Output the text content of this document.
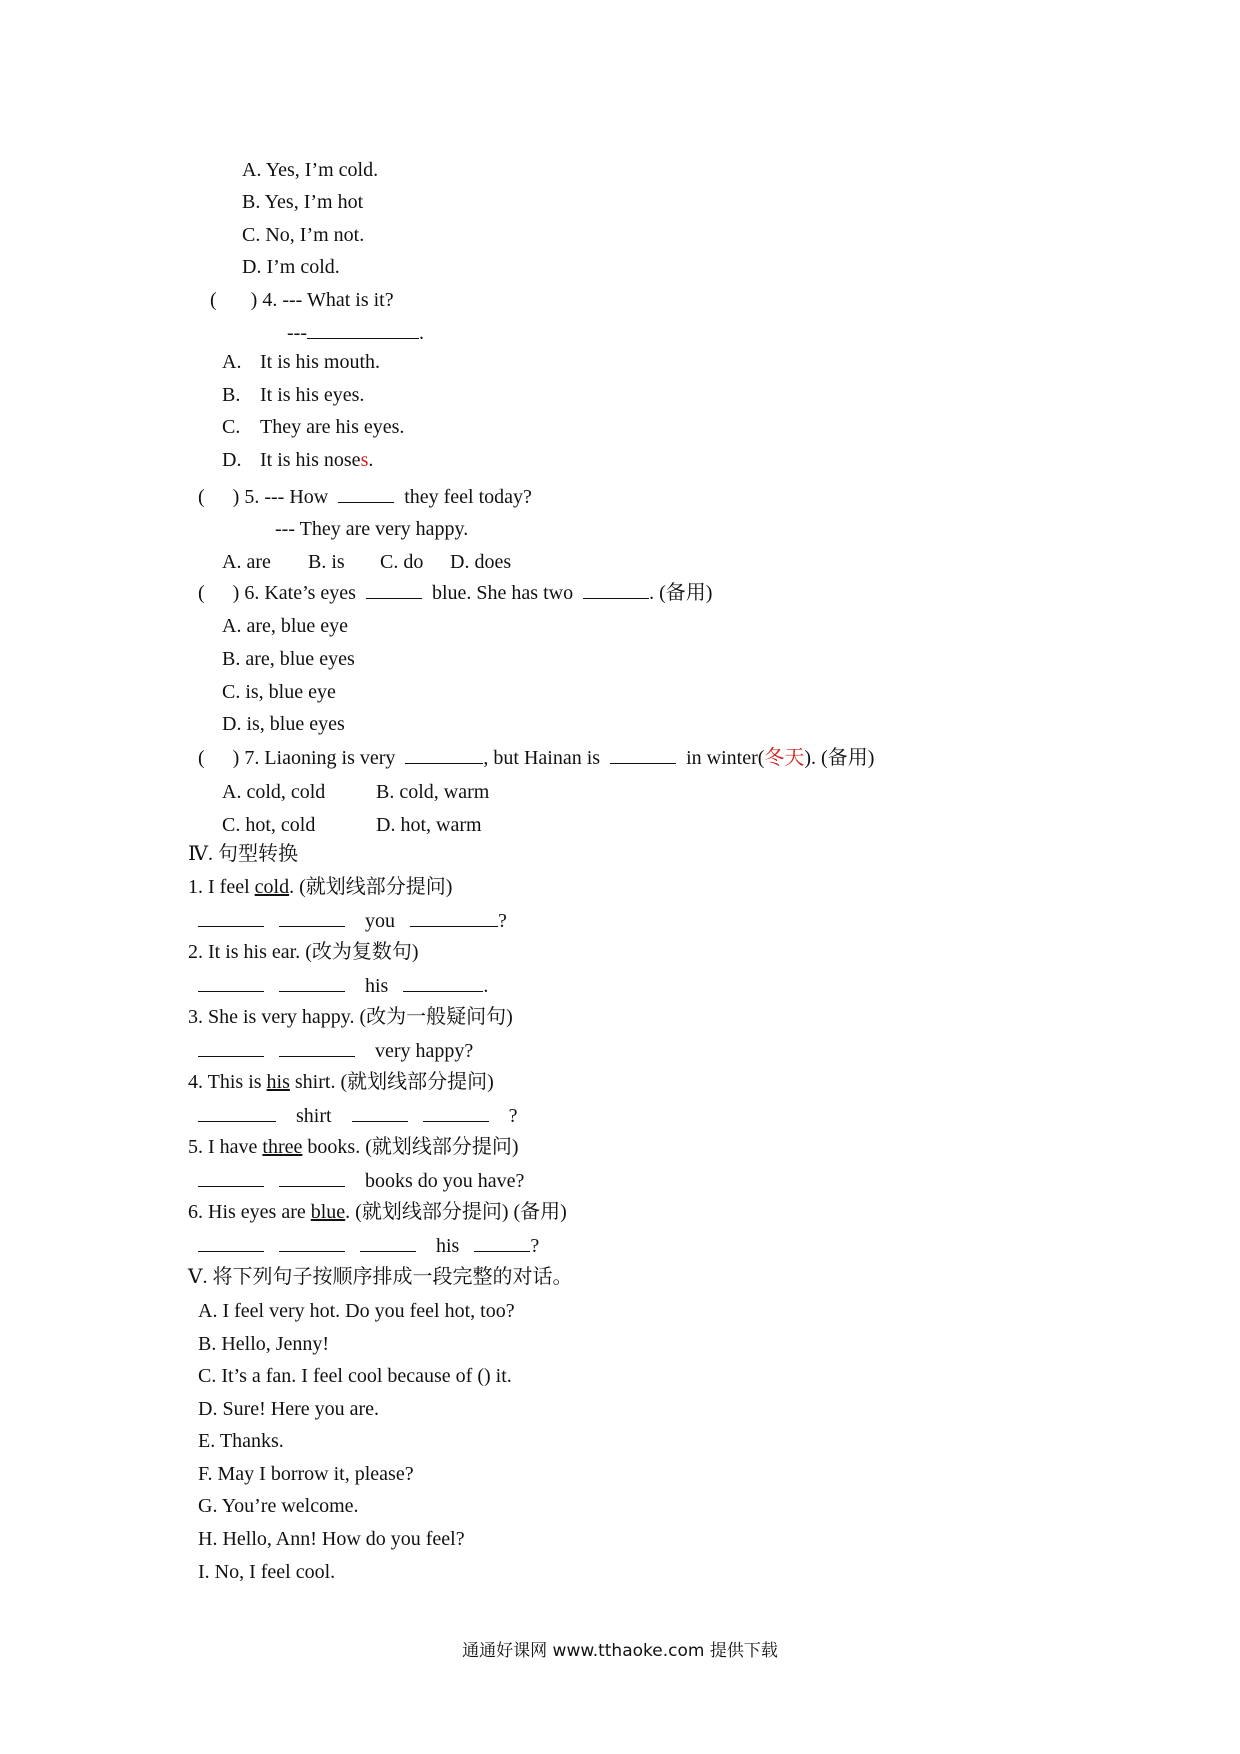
A. Yes, I’m cold.
B. Yes, I’m hot
C. No, I’m not.
D. I’m cold.
( ) 4. --- What is it?
---	.
A. It is his mouth.
B. It is his eyes.
C. They are his eyes.
D. It is his noses.
( ) 5. --- How	they feel today?
--- They are very happy.
A. are B. is C. do D. does
( ) 6. Kate’s eyes	blue. She has two	. (备用)
A. are, blue eye
B. are, blue eyes
C. is, blue eye
D. is, blue eyes
( ) 7. Liaoning is very	, but Hainan is	in winter(冬天). (备用)
A. cold, cold	B. cold, warm
C. hot, cold	D. hot, warm
Ⅳ. 句型转换
1. I feel cold. (就划线部分提问)
you	?
2. It is his ear. (改为复数句)
his	.
3. She is very happy. (改为一般疑问句)
very happy?
4. This is his shirt. (就划线部分提问)
shirt	?
5. I have three books. (就划线部分提问)
books do you have?
6. His eyes are blue. (就划线部分提问) (备用)
his	?
Ⅴ. 将下列句子按顺序排成一段完整的对话。
A. I feel very hot. Do you feel hot, too?
B. Hello, Jenny!
C. It’s a fan. I feel cool because of () it.
D. Sure! Here you are.
E. Thanks.
F. May I borrow it, please?
G. You’re welcome.
H. Hello, Ann! How do you feel?
I. No, I feel cool.
通通好课网 www.tthaoke.com 提供下载
